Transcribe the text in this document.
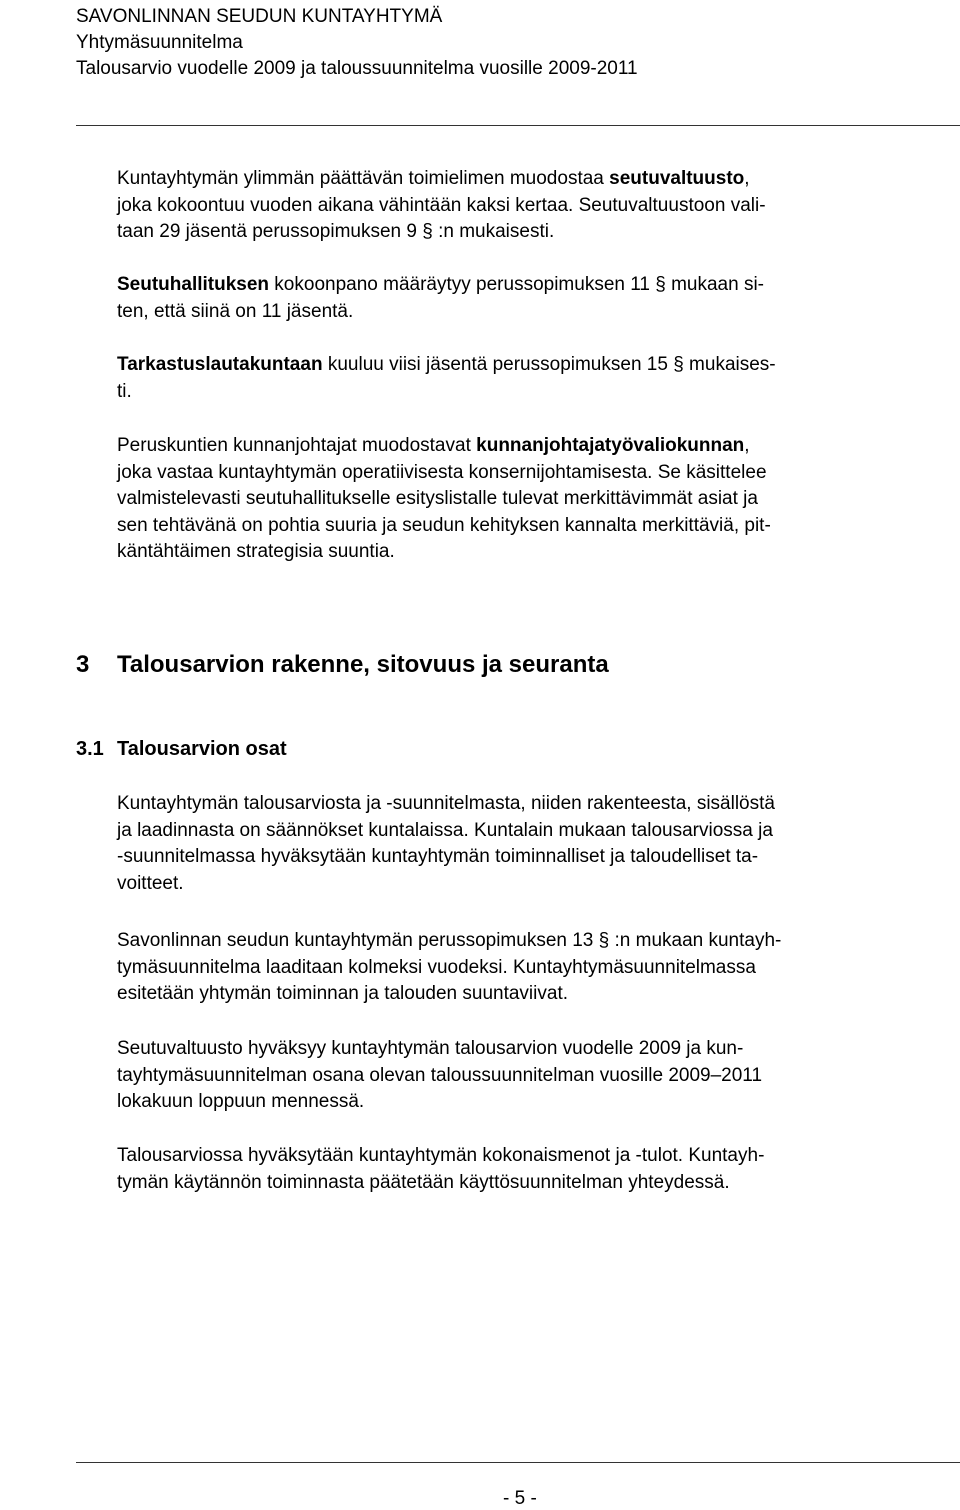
SAVONLINNAN SEUDUN KUNTAYHTYMÄ
Yhtymäsuunnitelma
Talousarvio vuodelle 2009 ja taloussuunnitelma vuosille 2009-2011

Kuntayhtymän ylimmän päättävän toimielimen muodostaa seutuvaltuusto,

joka kokoontuu vuoden aikana vähintään kaksi kertaa. Seutuvaltuustoon vali-

taan 29 jäsentä perussopimuksen 9 § :n mukaisesti.

Seutuhallituksen kokoonpano määräytyy perussopimuksen 11 § mukaan si-

ten, että siinä on 11 jäsentä.

Tarkastuslautakuntaan kuuluu viisi jäsentä perussopimuksen 15 § mukaises-

ti.

Peruskuntien kunnanjohtajat muodostavat kunnanjohtajatyövaliokunnan,

joka vastaa kuntayhtymän operatiivisesta konsernijohtamisesta. Se käsittelee

valmistelevasti seutuhallitukselle esityslistalle tulevat merkittävimmät asiat ja

sen tehtävänä on pohtia suuria ja seudun kehityksen kannalta merkittäviä, pit-

käntähtäimen strategisia suuntia.

3 Talousarvion rakenne, sitovuus ja seuranta
3.1 Talousarvion osat

Kuntayhtymän talousarviosta ja -suunnitelmasta, niiden rakenteesta, sisällöstä

ja laadinnasta on säännökset kuntalaissa. Kuntalain mukaan talousarviossa ja

-suunnitelmassa hyväksytään kuntayhtymän toiminnalliset ja taloudelliset ta-

voitteet.

Savonlinnan seudun kuntayhtymän perussopimuksen 13 § :n mukaan kuntayh-

tymäsuunnitelma laaditaan kolmeksi vuodeksi. Kuntayhtymäsuunnitelmassa

esitetään yhtymän toiminnan ja talouden suuntaviivat.

Seutuvaltuusto hyväksyy kuntayhtymän talousarvion vuodelle 2009 ja kun-

tayhtymäsuunnitelman osana olevan taloussuunnitelman vuosille 2009–2011

lokakuun loppuun mennessä.

Talousarviossa hyväksytään kuntayhtymän kokonaismenot ja -tulot. Kuntayh-

tymän käytännön toiminnasta päätetään käyttösuunnitelman yhteydessä.

- 5 -
